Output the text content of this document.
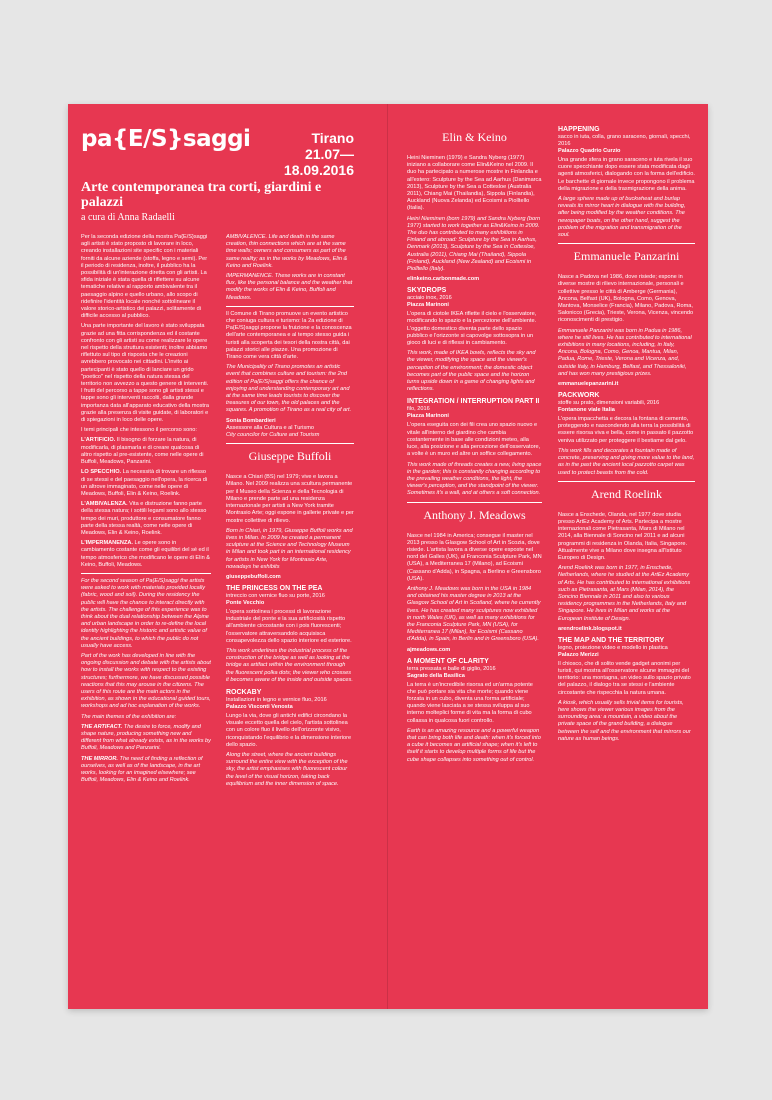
pa{E/S}saggi	Tirano
21.07—
18.09.2016
Arte contemporanea tra corti, giardini e palazzi
a cura di Anna Radaelli

Per la seconda edizione della mostra Pa{E/S}saggi agli artisti è stato proposto di lavorare in loco, creando installazioni site specific con i materiali forniti da alcune aziende (stoffa, legno e semi). Per il periodo di residenza, inoltre, il pubblico ha la possibilità di un'interazione diretta con gli artisti. La sfida iniziale è stata quella di riflettere su alcune tematiche relative al rapporto ambivalente tra il paesaggio alpino e quello urbano, allo scopo di ridefinire l'identità locale nonché sottolineare il valore storico-artistico dei palazzi, solitamente di difficile accesso al pubblico.

Una parte importante del lavoro è stato sviluppata grazie ad una fitta corrispondenza ed il costante confronto con gli artisti su come realizzare le opere nel rispetto della struttura esistenti; inoltre abbiamo riflettuto sul tipo di risposta che le creazioni avrebbero provocato nei cittadini. L'invito ai partecipanti è stato quello di lanciare un grido "poetico" nel rispetto della natura stessa del territorio non avvezzo a questo genere di interventi. I frutti del percorso a tappe sono gli artisti stessi e tappe sono gli interventi raccolti, dalla grande importanza data all'apparato educativo della mostra grazie alla presenza di visite guidate, di laboratori e di spiegazioni in loco delle opere.

I temi principali che intessono il percorso sono:

L'ARTIFICIO. Il bisogno di forzare la natura, di modificarla, di plasmarla e di creare qualcosa di altro rispetto al pre-esistente, come nelle opere di Buffoli, Meadows, Panzarini.

LO SPECCHIO. La necessità di trovare un riflesso di se stessi e del paesaggio nell'opera, la ricerca di un altrove immaginato, come nelle opere di Meadows, Buffoli, Elin & Keino, Roelink.

L'AMBIVALENZA. Vita e distruzione fanno parte della stessa natura; i sottili legami sono allo stesso tempo dei muri, produttore e consumatore fanno parte della stessa realtà, come nelle opere di Meadows, Elin & Keino, Roelink.

L'IMPERMANENZA. Le opere sono in cambiamento costante come gli equilibri del sé ed il tempo atmosferico che modificano le opere di Elin & Keino, Buffoli, Meadows.

For the second season of Pa{E/S}saggi the artists were asked to work with materials provided locally (fabric, wood and soil). During the residency the public will have the chance to interact directly with the artists. The challenge of this experience was to think about the dual relationship between the Alpine and urban landscape in order to re-define the local identity highlighting the historic and artistic value of the ancient buildings, to which the public do not usually have access.

Part of the work has developed in line with the ongoing discussion and debate with the artists about how to install the works with respect to the existing structures; furthermore, we have discussed possible reactions that this may arouse in the citizens. The users of this route are the main actors in the exhibition, as shown in the educational guided tours, workshops and ad hoc explanation of the works.

The main themes of the exhibition are:

THE ARTIFACT. The desire to force, modify and shape nature, producing something new and different from what already exists, as in the works by Buffoli, Meadows and Panzarini.

THE MIRROR. The need of finding a reflection of ourselves, as well as of the landscape, in the art works, looking for an imagined elsewhere; see Buffoli, Meadows, Elin & Keino and Roelink.

AMBIVALENCE. Life and death in the same creation, thin connections which are at the same time walls; owners and consumers as part of the same reality; as in the works by Meadows, Elin & Keino and Roelink.

IMPERMANENCE. These works are in constant flux, like the personal balance and the weather that modify the works of Elin & Keino, Buffoli and Meadows.

Il Comune di Tirano promuove un evento artistico che coniuga cultura e turismo: la 2a edizione di Pa{E/S}saggi propone la fruizione e la conoscenza dell'arte contemporanea e al tempo stesso guida i turisti alla scoperta dei tesori della nostra città, dai palazzi storici alle piazze. Una promozione di Tirano come vera città d'arte.

The Municipality of Tirano promotes an artistic event that combines culture and tourism: the 2nd edition of Pa{E/S}saggi offers the chance of enjoying and understanding contemporary art and at the same time leads tourists to discover the treasures of our town, the old palaces and the squares. A promotion of Tirano as a real city of art.

Sonia Bombardieri
Assessore alla Cultura e al Turismo
City councilor for Culture and Tourism

Giuseppe Buffoli

Nasce a Chiari (BS) nel 1979; vive e lavora a Milano. Nel 2009 realizza una scultura permanente per il Museo della Scienza e della Tecnologia di Milano e prende parte ad una residenza internazionale per artisti a New York tramite Montrasio Arte; oggi espone in gallerie private e per mostre collettive di rilievo.

Born in Chiari, in 1979, Giuseppe Buffoli works and lives in Milan. In 2009 he created a permanent sculpture at the Science and Technology Museum in Milan and took part in an international residency for artists in New York for Montrasio Arte, nowadays he exhibits

giuseppebuffoli.com
THE PRINCESS ON THE PEA
intreccio con vernice fluo su porte, 2016
Ponte Vecchio

L'opera sottolinea i processi di lavorazione industriale del ponte e la sua artificiosità rispetto all'ambiente circostante con i pois fluorescenti; l'osservatore attraversandolo acquisisca consapevolezza dello spazio interiore ed esteriore.

This work underlines the industrial process of the construction of the bridge as well as looking at the bridge as artifact within the environment through the fluorescent polka dots; the viewer who crosses it becomes aware of the inside and outside spaces.

ROCKABY
Installazioni in legno e vernice fluo, 2016
Palazzo Visconti Venosta

Lungo la via, dove gli antichi edifici circondano la visuale eccetto quella del cielo, l'artista sottolinea con un colore fluo il livello dell'orizzonte visivo, riconquistando l'equilibrio e la dimensione interiore dello spazio.

Along the street, where the ancient buildings surround the entire view with the exception of the sky, the artist emphasises with fluorescent colour the level of the visual horizon, taking back equilibrium and the inner dimension of space.

Elin & Keino

Heini Nieminen (1979) e Sandra Nyberg (1977) iniziano a collaborare come Elin&Keino nel 2009. Il duo ha partecipato a numerose mostre in Finlandia e all'estero: Sculpture by the Sea ad Aarhus (Danimarca 2013), Sculpture by the Sea a Cottesloe (Australia 2011), Chiang Mai (Thailandia), Sippola (Finlandia), Auckland (Nuova Zelanda) ed Ecoismi a Piolltello (Italia).

Heini Nieminen (born 1979) and Sandra Nyberg (born 1977) started to work together as Elin&Keino in 2009. The duo has contributed to many exhibitions in Finland and abroad: Sculpture by the Sea in Aarhus, Denmark (2013), Sculpture by the Sea in Cottesloe, Australia (2011), Chiang Mai (Thailand), Sippola (Finland), Auckland (New Zealand) and Ecoismi in Piolltello (Italy).

elinkeino.carbonmade.com
SKYDROPS
acciaio inox, 2016
Piazza Marinoni

L'opera di ciotole IKEA riflette il cielo e l'osservatore, modificando lo spazio e la percezione dell'ambiente. L'oggetto domestico diventa parte dello spazio pubblico e l'orizzonte si capovolge sottosopra in un gioco di luci e di riflessi in cambiamento.

This work, made of IKEA bowls, reflects the sky and the viewer, modifying the space and the viewer's perception of the environment; the domestic object becomes part of the public space and the horizon turns upside down in a game of changing lights and reflections.

INTEGRATION / INTERRUPTION PART II
filo, 2016
Piazza Marinoni

L'opera eseguita con dei fili crea uno spazio nuovo e vitale all'interno del giardino che cambia costantemente in base alle condizioni meteo, alla luce, alla posizione e alla percezione dell'osservatore, a volte è un muro ed altre un soffice collegamento.

This work made of threads creates a new, living space in the garden; this is constantly changing according to the prevailing weather conditions, the light, the viewer's perception, and the standpoint of the viewer. Sometimes it's a wall, and at others a soft connection.

Anthony J. Meadows

Nasce nel 1984 in America; consegue il master nel 2013 presso la Glasgow School of Art in Scozia, dove risiede. L'artista lavora a diverse opere esposte nel nord del Galles (UK), al Franconia Sculpture Park, MN (USA), a Mediterranea 17 (Milano), ad Ecoismi (Cassano d'Adda), in Spagna, a Berlino e Greensboro (USA).

Anthony J. Meadows was born in the USA in 1984 and obtained his master degree in 2013 at the Glasgow School of Art in Scotland, where he currently lives. He has created many sculptures now exhibited in north Wales (UK), as well as many exhibitions for the Franconia Sculpture Park, MN (USA), for Mediterranea 17 (Milan), for Ecoismi (Cassano d'Adda), in Spain, in Berlin and in Greensboro (USA).

ajmeadows.com
A MOMENT OF CLARITY
terra pressata e balle di giglio, 2016
Sagrato della Basilica

La terra è un'incredibile risorsa ed un'arma potente che può portare sia vita che morte; quando viene forzata in un cubo, diventa una forma artificiale; quando viene lasciata a se stessa sviluppa al suo interno molteplici forme di vita ma la forma di cubo collassa in qualcosa fuori controllo.

Earth is an amazing resource and a powerful weapon that can bring both life and death: when it's forced into a cube it becomes an artificial shape; when it's left to itself it starts to develop multiple forms of life but the cube shape collapses into something out of control.

HAPPENING
sacco in iuta, colla, grano saraceno, giornali, specchi, 2016
Palazzo Quadrio Curzio

Una grande sfera in grano saraceno e iuta rivela il suo cuore specchiante dopo essere stata modificata dagli agenti atmosferici, dialogando con la forma dell'edificio. Le barchette di giornale invece propongono il problema della migrazione e della trasmigrazione della anima.

A large sphere made up of buckwheat and burlap reveals its mirror heart in dialogue with the building, after being modified by the weather conditions. The newspaper boats, on the other hand, suggest the problem of the migration and transmigration of the soul.

Emmanuele Panzarini

Nasce a Padova nel 1986, dove risiede; espone in diverse mostre di rilievo internazionale, personali e collettive presso le città di Amberge (Germania), Ancona, Belfast (UK), Bologna, Como, Genova, Mantova, Monselice (Francia), Milano, Padova, Roma, Salonicco (Grecia), Trieste, Verona, Vicenza, vincendo riconoscimenti di prestigio.

Emmanuele Panzarini was born in Padua in 1986, where he still lives. He has contributed to international exhibitions in many locations, including, in Italy, Ancona, Bologna, Como, Genoa, Mantua, Milan, Padua, Rome, Trieste, Verona and Vicenza, and, outside Italy, in Hamburg, Belfast, and Thessaloniki, and has won many prestigious prizes.

emmanuelepanzarini.it
PACKWORK
stoffe su prato, dimensioni variabili, 2016
Fontanone viale Italia

L'opera impacchetta e decora la fontana di cemento, proteggendo e nascondendo alla terra la possibilità di essere risorsa viva e bella, come in passato il pazzotto veniva utilizzato per proteggere il bestiame dal gelo.

This work fills and decorates a fountain made of concrete, preserving and giving more value to the land, as in the past the ancient local pazzotto carpet was used to protect beasts from the cold.

Arend Roelink

Nasce a Enschede, Olanda, nel 1977 dove studia presso ArtEz Academy of Arts. Partecipa a mostre internazionali come Pietrasanta, Mars di Milano nel 2014, alla Biennale di Soncino nel 2011 e ad alcuni programmi di residenza in Olanda, Italia, Singapore. Attualmente vive a Milano dove insegna all'Istituto Europeo di Design.

Arend Roelink was born in 1977, in Enschede, Netherlands, where he studied at the ArtEz Academy of Arts. He has contributed to international exhibitions such as Pietrasanta, at Mars (Milan, 2014), the Soncino Biennale in 2011 and also to various residency programmes in the Netherlands, Italy and Singapore. He lives in Milan and works at the European Institute of Design.

arendroelink.blogspot.it
THE MAP AND THE TERRITORY
legno, proiezione video e modello in plastica
Palazzo Merizzi

Il chiosco, che di solito vende gadget anonimi per turisti, qui mostra all'osservatore alcune immagini del territorio: una montagna, un video sullo spazio privato del palazzo, il dialogo tra se stessi e l'ambiente circostante che rispecchia la natura umana.

A kiosk, which usually sells trivial items for tourists, here shows the viewer various images from the surrounding area: a mountain, a video about the private space of the grand building, a dialogue between the self and the environment that mirrors our nature as human beings.
